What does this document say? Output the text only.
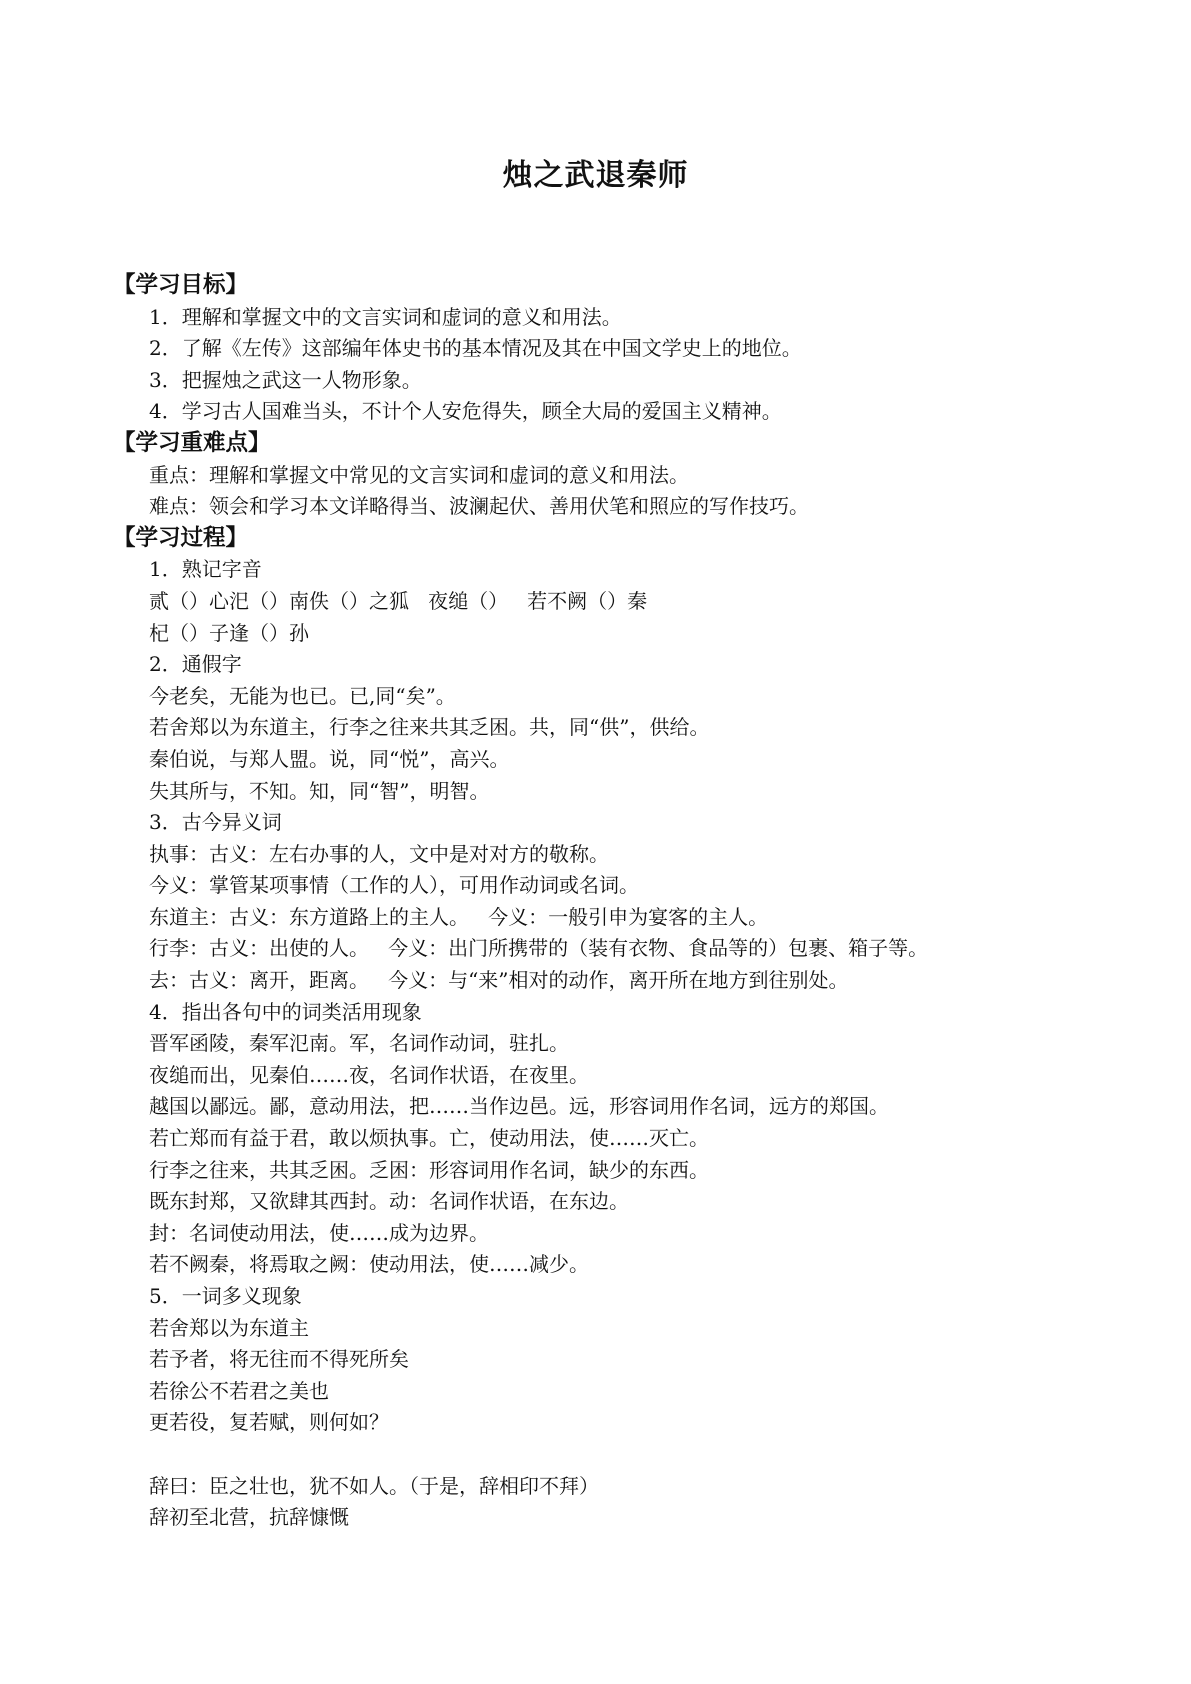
烛之武退秦师
【学习目标】
1．理解和掌握文中的文言实词和虚词的意义和用法。
2．了解《左传》这部编年体史书的基本情况及其在中国文学史上的地位。
3．把握烛之武这一人物形象。
4．学习古人国难当头，不计个人安危得失，顾全大局的爱国主义精神。
【学习重难点】
重点：理解和掌握文中常见的文言实词和虚词的意义和用法。
难点：领会和学习本文详略得当、波澜起伏、善用伏笔和照应的写作技巧。
【学习过程】
1．熟记字音
贰（）心汜（）南佚（）之狐   夜缒（）   若不阙（）秦
杞（）子逢（）孙
2．通假字
今老矣，无能为也已。已,同“矣”。
若舍郑以为东道主，行李之往来共其乏困。共，同“供”，供给。
秦伯说，与郑人盟。说，同“悦”，高兴。
失其所与，不知。知，同“智”，明智。
3．古今异义词
执事：古义：左右办事的人，文中是对对方的敬称。
今义：掌管某项事情（工作的人），可用作动词或名词。
东道主：古义：东方道路上的主人。   今义：一般引申为宴客的主人。
行李：古义：出使的人。   今义：出门所携带的（装有衣物、食品等的）包裹、箱子等。
去：古义：离开，距离。   今义：与“来”相对的动作，离开所在地方到往别处。
4．指出各句中的词类活用现象
晋军函陵，秦军氾南。军，名词作动词，驻扎。
夜缒而出，见秦伯……夜，名词作状语，在夜里。
越国以鄙远。鄙，意动用法，把……当作边邑。远，形容词用作名词，远方的郑国。
若亡郑而有益于君，敢以烦执事。亡，使动用法，使……灭亡。
行李之往来，共其乏困。乏困：形容词用作名词，缺少的东西。
既东封郑，又欲肆其西封。动：名词作状语，在东边。
封：名词使动用法，使……成为边界。
若不阙秦，将焉取之阙：使动用法，使……减少。
5．一词多义现象
若舍郑以为东道主
若予者，将无往而不得死所矣
若徐公不若君之美也
更若役，复若赋，则何如？
辞曰：臣之壮也，犹不如人。（于是，辞相印不拜）
辞初至北营，抗辞慷慨
